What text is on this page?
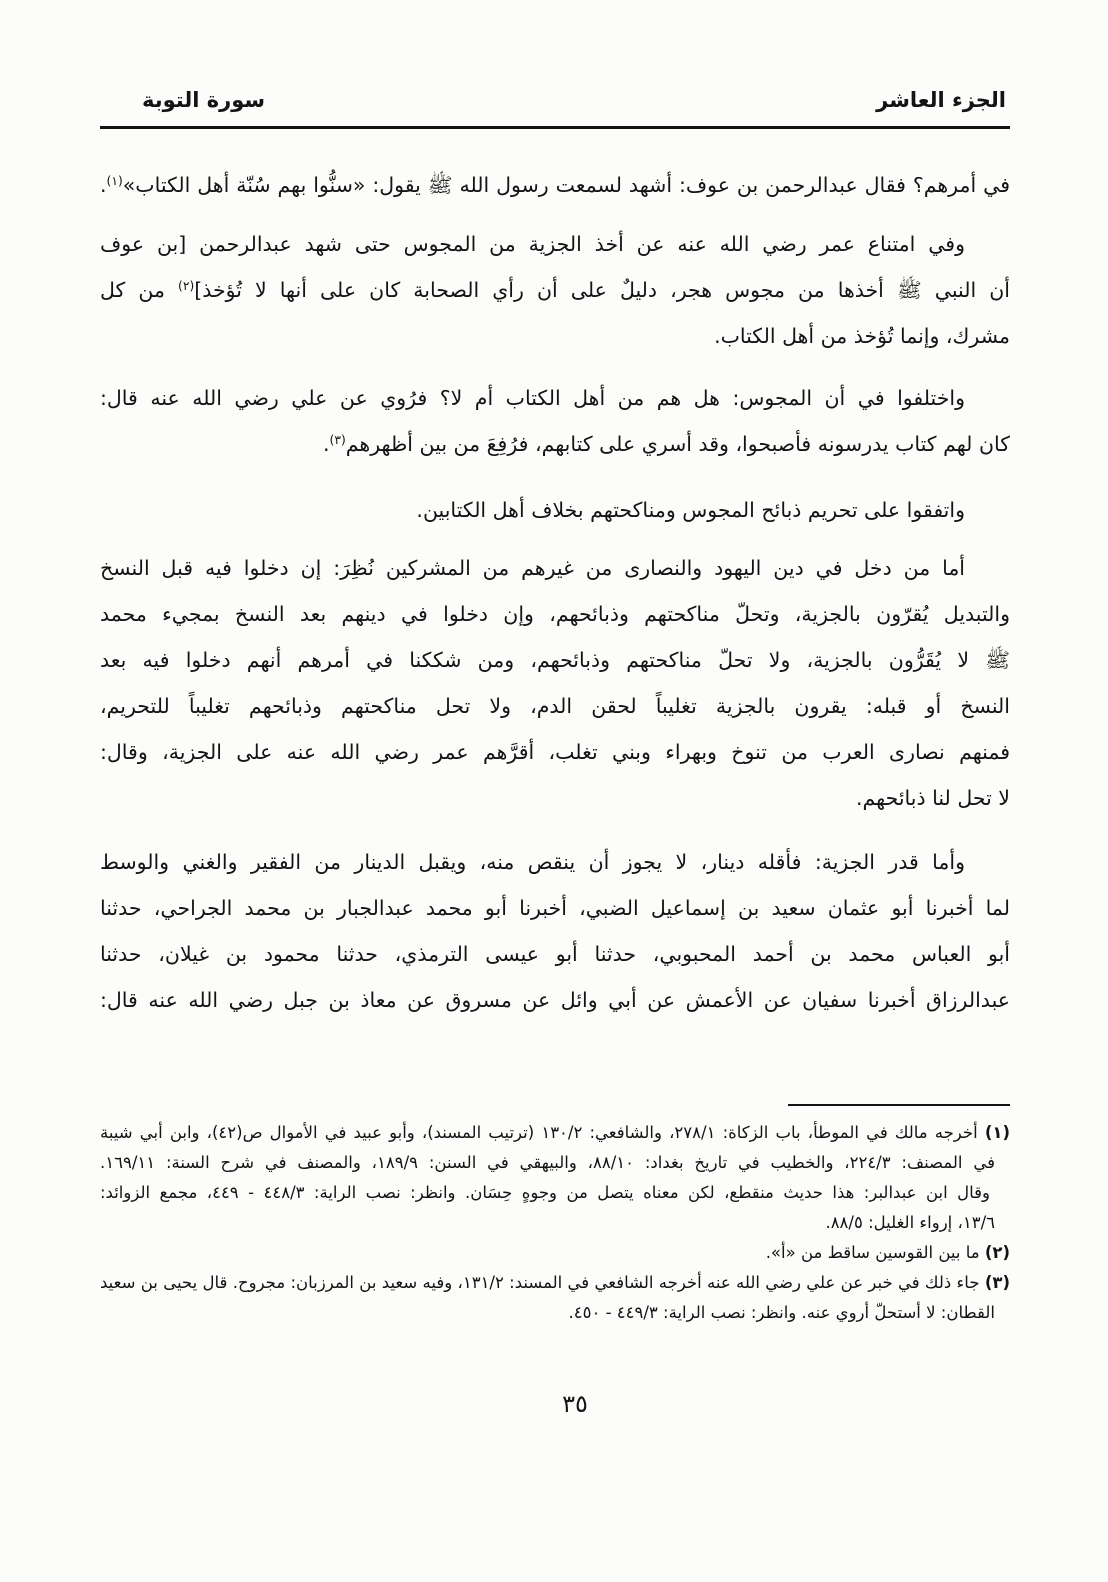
الجزء العاشر
سورة التوبة
في أمرهم؟ فقال عبدالرحمن بن عوف: أشهد لسمعت رسول الله ﷺ يقول: «سنُّوا بهم سُنّة أهل الكتاب»$^{(١)}$.
وفي امتناع عمر رضي الله عنه عن أخذ الجزية من المجوس حتى شهد عبدالرحمن [بن عوف
أن النبي ﷺ أخذها من مجوس هجر، دليلٌ على أن رأي الصحابة كان على أنها لا تُؤخذ]$^{(٢)}$ من كل
مشرك، وإنما تُؤخذ من أهل الكتاب.
واختلفوا في أن المجوس: هل هم من أهل الكتاب أم لا؟ فرُوي عن علي رضي الله عنه قال:
كان لهم كتاب يدرسونه فأصبحوا، وقد أسري على كتابهم، فرُفِعَ من بين أظهرهم$^{(٣)}$.
واتفقوا على تحريم ذبائح المجوس ومناكحتهم بخلاف أهل الكتابين.
أما من دخل في دين اليهود والنصارى من غيرهم من المشركين نُظِرَ: إن دخلوا فيه قبل النسخ
والتبديل يُقرّون بالجزية، وتحلّ مناكحتهم وذبائحهم، وإن دخلوا في دينهم بعد النسخ بمجيء محمد
ﷺ لا يُقَرُّون بالجزية، ولا تحلّ مناكحتهم وذبائحهم، ومن شككنا في أمرهم أنهم دخلوا فيه بعد
النسخ أو قبله: يقرون بالجزية تغليباً لحقن الدم، ولا تحل مناكحتهم وذبائحهم تغليباً للتحريم،
فمنهم نصارى العرب من تنوخ وبهراء وبني تغلب، أقرَّهم عمر رضي الله عنه على الجزية، وقال:
لا تحل لنا ذبائحهم.
وأما قدر الجزية: فأقله دينار، لا يجوز أن ينقص منه، ويقبل الدينار من الفقير والغني والوسط
لما أخبرنا أبو عثمان سعيد بن إسماعيل الضبي، أخبرنا أبو محمد عبدالجبار بن محمد الجراحي، حدثنا
أبو العباس محمد بن أحمد المحبوبي، حدثنا أبو عيسى الترمذي، حدثنا محمود بن غيلان، حدثنا
عبدالرزاق أخبرنا سفيان عن الأعمش عن أبي وائل عن مسروق عن معاذ بن جبل رضي الله عنه قال:
(١) أخرجه مالك في الموطأ، باب الزكاة: ٢٧٨/١، والشافعي: ١٣٠/٢ (ترتيب المسند)، وأبو عبيد في الأموال ص(٤٢)، وابن أبي شيبة
في المصنف: ٢٢٤/٣، والخطيب في تاريخ بغداد: ٨٨/١٠، والبيهقي في السنن: ١٨٩/٩، والمصنف في شرح السنة: ١٦٩/١١.
وقال ابن عبدالبر: هذا حديث منقطع، لكن معناه يتصل من وجوهٍ حِسَان. وانظر: نصب الراية: ٤٤٨/٣ - ٤٤٩، مجمع الزوائد:
١٣/٦، إرواء الغليل: ٨٨/٥.
(٢) ما بين القوسين ساقط من «أ».
(٣) جاء ذلك في خبر عن علي رضي الله عنه أخرجه الشافعي في المسند: ١٣١/٢، وفيه سعيد بن المرزبان: مجروح. قال يحيى بن سعيد
القطان: لا أستحلّ أروي عنه. وانظر: نصب الراية: ٤٤٩/٣ - ٤٥٠.
٣٥
